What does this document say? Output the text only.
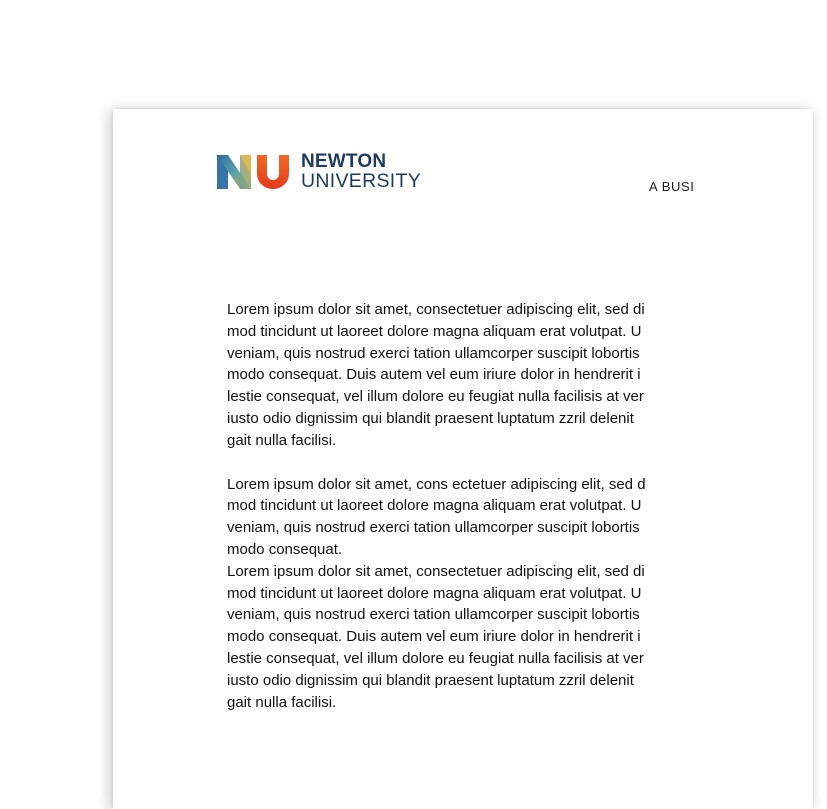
NEWTON
UNIVERSITY	A BUSI

Lorem ipsum dolor sit amet, consectetuer adipiscing elit, sed di
mod tincidunt ut laoreet dolore magna aliquam erat volutpat. U
veniam, quis nostrud exerci tation ullamcorper suscipit lobortis
modo consequat. Duis autem vel eum iriure dolor in hendrerit i
lestie consequat, vel illum dolore eu feugiat nulla facilisis at ver
iusto odio dignissim qui blandit praesent luptatum zzril delenit
gait nulla facilisi.

Lorem ipsum dolor sit amet, cons ectetuer adipiscing elit, sed d
mod tincidunt ut laoreet dolore magna aliquam erat volutpat. U
veniam, quis nostrud exerci tation ullamcorper suscipit lobortis
modo consequat.

Lorem ipsum dolor sit amet, consectetuer adipiscing elit, sed di
mod tincidunt ut laoreet dolore magna aliquam erat volutpat. U
veniam, quis nostrud exerci tation ullamcorper suscipit lobortis
modo consequat. Duis autem vel eum iriure dolor in hendrerit i
lestie consequat, vel illum dolore eu feugiat nulla facilisis at ver
iusto odio dignissim qui blandit praesent luptatum zzril delenit
gait nulla facilisi.
